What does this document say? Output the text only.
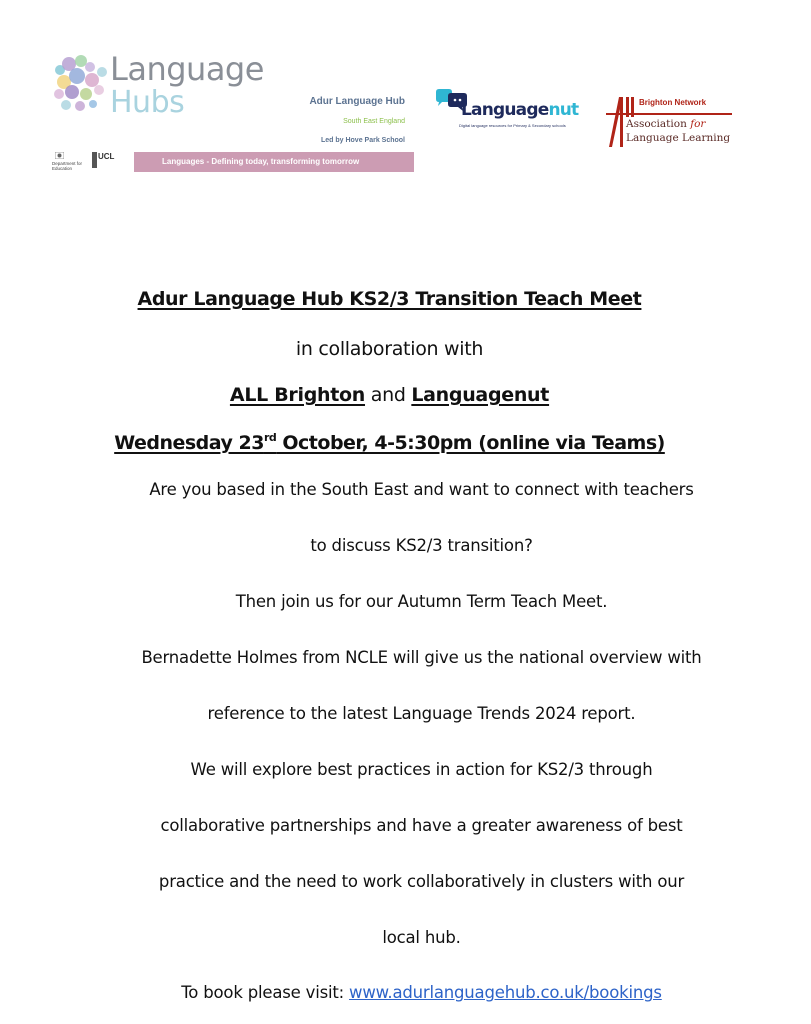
Language
Hubs	Adur Language Hub
South East England
Led by Hove Park School
Department for Education
UCL
Languages - Defining today, transforming tomorrow
Languagenut
Digital language resources for Primary & Secondary schools
Brighton Network
Association for
Language Learning
Adur Language Hub KS2/3 Transition Teach Meet
in collaboration with
ALL Brighton and Languagenut
Wednesday 23rd October, 4-5:30pm (online via Teams)
Are you based in the South East and want to connect with teachers
to discuss KS2/3 transition?
Then join us for our Autumn Term Teach Meet.
Bernadette Holmes from NCLE will give us the national overview with
reference to the latest Language Trends 2024 report.
We will explore best practices in action for KS2/3 through
collaborative partnerships and have a greater awareness of best
practice and the need to work collaboratively in clusters with our
local hub.
To book please visit: www.adurlanguagehub.co.uk/bookings
